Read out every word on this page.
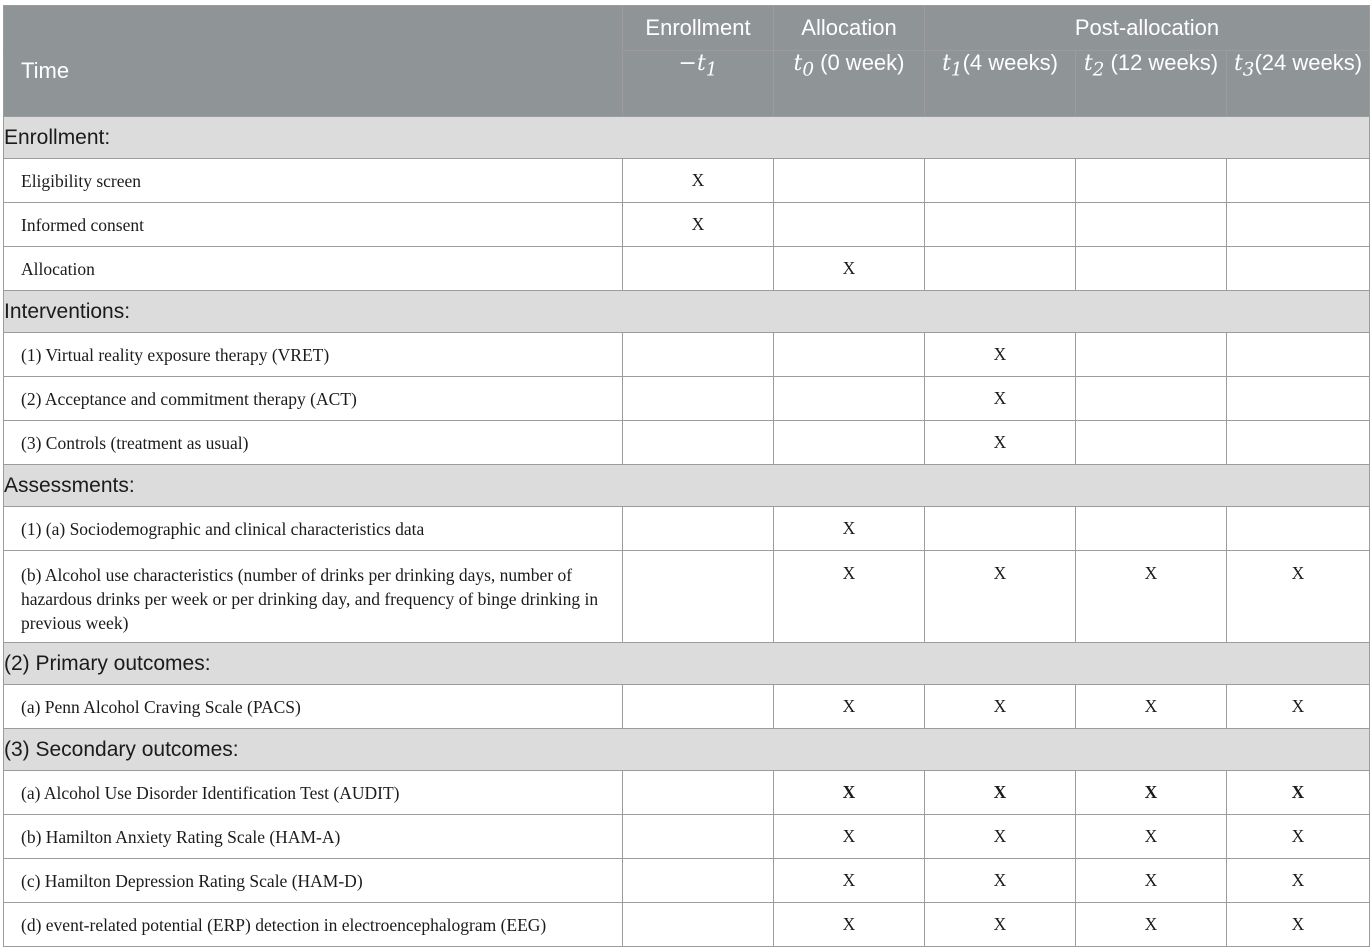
	Enrollment	Allocation	Post-allocation		
Time	$-t_1$	$t_0$ (0 week)	$t_1(4$ weeks)	$t_2$ (12 weeks)	$t_3(24$ weeks)
Enrollment:					
Eligibility screen	X				
Informed consent	X				
Allocation		X			
Interventions:					
(1) Virtual reality exposure therapy (VRET)			X		
(2) Acceptance and commitment therapy (ACT)			X		
(3) Controls (treatment as usual)			X		
Assessments:					
(1) (a) Sociodemographic and clinical characteristics data		X			
(b) Alcohol use characteristics (number of drinks per drinking days, number of hazardous drinks per week or per drinking day, and frequency of binge drinking in previous week)		X	X	X	X
(2) Primary outcomes:					
(a) Penn Alcohol Craving Scale (PACS)		X	X	X	X
(3) Secondary outcomes:					
(a) Alcohol Use Disorder Identification Test (AUDIT)		X	X	X	X
(b) Hamilton Anxiety Rating Scale (HAM-A)		X	X	X	X
(c) Hamilton Depression Rating Scale (HAM-D)		X	X	X	X
(d) event-related potential (ERP) detection in electroencephalogram (EEG)		X	X	X	X
